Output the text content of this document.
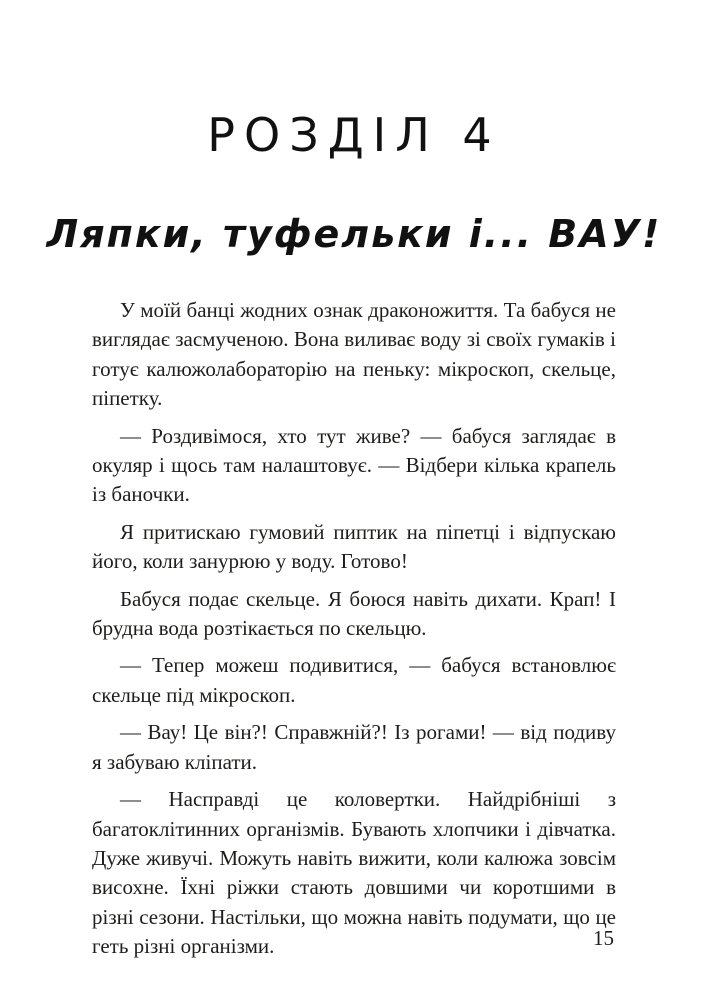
РОЗДІЛ 4
Ляпки, туфельки і... ВАУ!

У моїй банці жодних ознак драконожиття. Та бабуся не виглядає засмученою. Вона виливає воду зі своїх гумаків і готує калюжолабораторію на пеньку: мікроскоп, скельце, піпетку.

— Роздивімося, хто тут живе? — бабуся заглядає в окуляр і щось там налаштовує. — Відбери кілька крапель із баночки.

Я притискаю гумовий пиптик на піпетці і відпускаю його, коли занурюю у воду. Готово!

Бабуся подає скельце. Я боюся навіть дихати. Крап! І брудна вода розтікається по скельцю.

— Тепер можеш подивитися, — бабуся встановлює скельце під мікроскоп.

— Вау! Це він?! Справжній?! Із рогами! — від подиву я забуваю кліпати.

— Насправді це коловертки. Найдрібніші з багатоклітинних організмів. Бувають хлопчики і дівчатка. Дуже живучі. Можуть навіть вижити, коли калюжа зовсім висохне. Їхні ріжки стають довшими чи коротшими в різні сезони. Настільки, що можна навіть подумати, що це геть різні організми.	15
